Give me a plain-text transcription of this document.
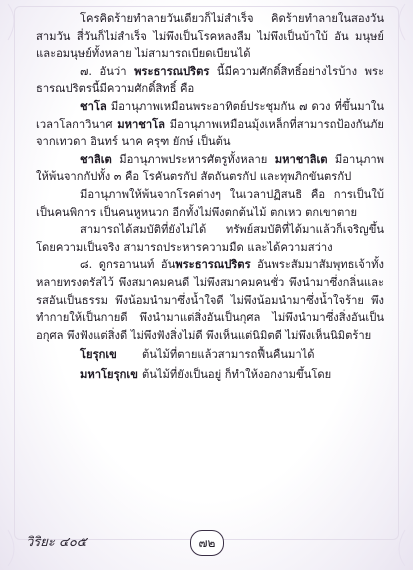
โครคิดร้ายทำลายวันเดียวก็ไม่สำเร็จ คิดร้ายทำลายในสองวัน สามวัน สี่วันก็ไม่สำเร็จ ไม่พึงเป็นโรคหลงลืม ไม่พึงเป็นบ้าใบ้ อัน มนุษย์และอมนุษย์ทั้งหลาย ไม่สามารถเบียดเบียนได้

๗. อันว่า พระธารณปริตร นี้มีความศักดิ์สิทธิ์อย่างไรบ้าง พระธารณปริตรนี้มีความศักดิ์สิทธิ์ คือ

ชาโล มีอานุภาพเหมือนพระอาทิตย์ประชุมกัน ๗ ดวง ที่ขึ้นมาในเวลาโลกาวินาศ มหาชาโล มีอานุภาพเหมือนมุ้งเหล็กที่สามารถป้องกันภัยจากเทวดา อินทร์ นาค ครุฑ ยักษ์ เป็นต้น

ชาลิเต มีอานุภาพประหารศัตรูทั้งหลาย มหาชาลิเต มีอานุภาพให้พ้นจากกัปทั้ง ๓ คือ โรคันตรกัป สัตถันตรกัป และทุพภิกขันตรกัป

มีอานุภาพให้พ้นจากโรคต่างๆ ในเวลาปฏิสนธิ คือ การเป็นใบ้ เป็นคนพิการ เป็นคนหูหนวก อีกทั้งไม่พึงตกต้นไม้ ตกเหว ตกเขาตาย

สามารถได้สมบัติที่ยังไม่ได้ ทรัพย์สมบัติที่ได้มาแล้วก็เจริญขึ้น โดยความเป็นจริง สามารถประหารความมืด และได้ความสว่าง

๘. ดูกรอานนท์ อันพระธารณปริตร อันพระสัมมาสัมพุทธเจ้าทั้งหลายทรงตรัสไว้ พึงสมาคมคนดี ไม่พึงสมาคมคนชั่ว พึงนำมาซึ่งกลิ่นและรสอันเป็นธรรม พึงน้อมนำมาซึ่งน้ำใจดี ไม่พึงน้อมนำมาซึ่งน้ำใจร้าย พึงทำกายให้เป็นกายดี พึงนำมาแต่สิ่งอันเป็นกุศล ไม่พึงนำมาซึ่งสิ่งอันเป็นอกุศล พึงฟังแต่สิ่งดี ไม่พึงฟังสิ่งไม่ดี พึงเห็นแต่นิมิตดี ไม่พึงเห็นนิมิตร้าย

โยรุกเข	ต้นไม้ที่ตายแล้วสามารถฟื้นคืนมาได้
มหาโยรุกเข ต้นไม้ที่ยังเป็นอยู่ ก็ทำให้งอกงามขึ้นโดย
วิริยะ ๔๐๕	๗๒
